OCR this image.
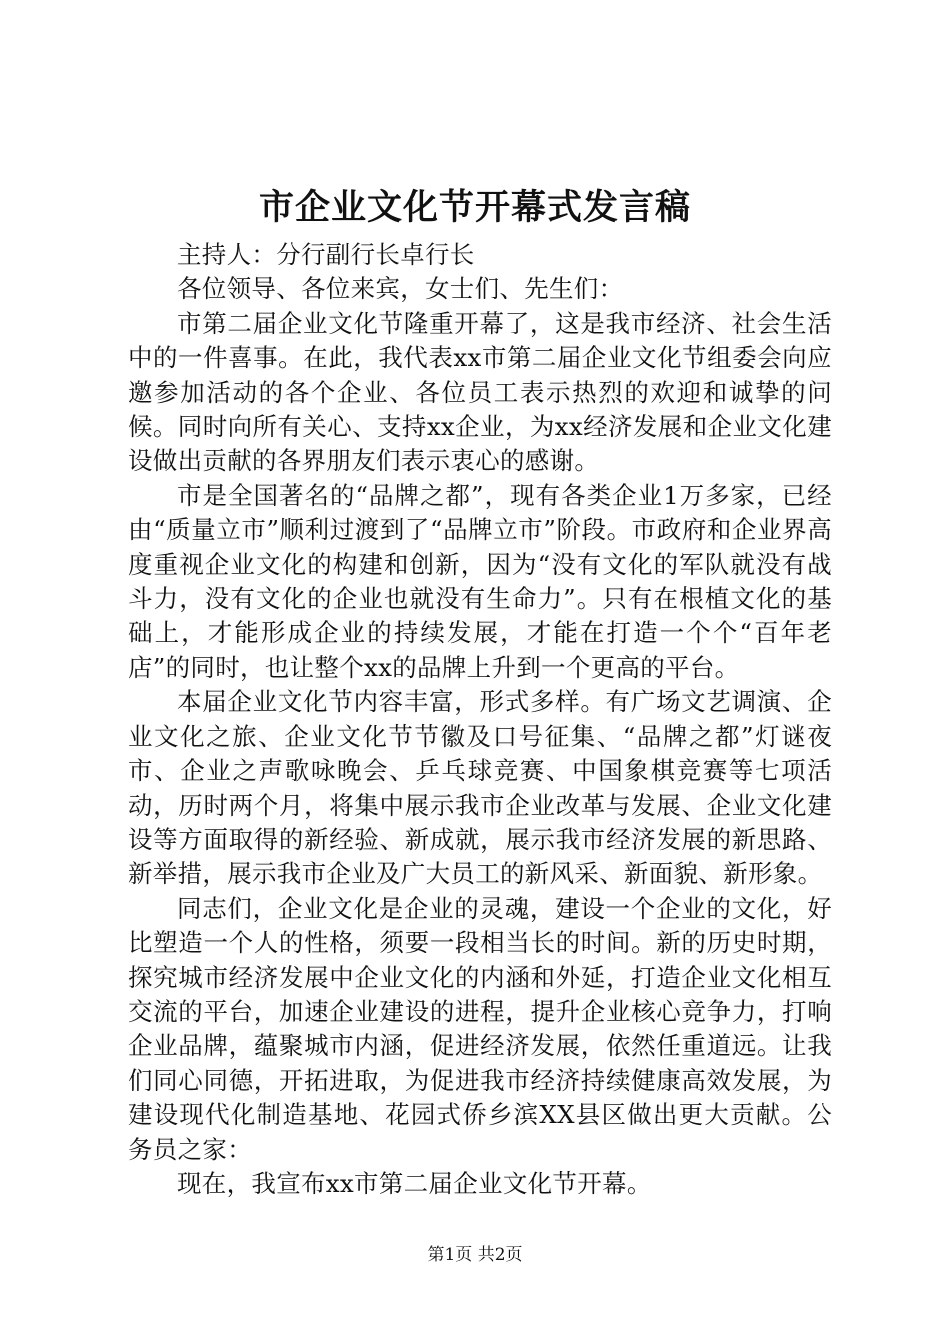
市企业文化节开幕式发言稿

主持人：分行副行长卓行长

各位领导、各位来宾，女士们、先生们：

市第二届企业文化节隆重开幕了，这是我市经济、社会生活中的一件喜事。在此，我代表xx市第二届企业文化节组委会向应邀参加活动的各个企业、各位员工表示热烈的欢迎和诚挚的问候。同时向所有关心、支持xx企业，为xx经济发展和企业文化建设做出贡献的各界朋友们表示衷心的感谢。

市是全国著名的“品牌之都”，现有各类企业1万多家，已经由“质量立市”顺利过渡到了“品牌立市”阶段。市政府和企业界高度重视企业文化的构建和创新，因为“没有文化的军队就没有战斗力，没有文化的企业也就没有生命力”。只有在根植文化的基础上，才能形成企业的持续发展，才能在打造一个个“百年老店”的同时，也让整个xx的品牌上升到一个更高的平台。

本届企业文化节内容丰富，形式多样。有广场文艺调演、企业文化之旅、企业文化节节徽及口号征集、“品牌之都”灯谜夜市、企业之声歌咏晚会、乒乓球竞赛、中国象棋竞赛等七项活动，历时两个月，将集中展示我市企业改革与发展、企业文化建设等方面取得的新经验、新成就，展示我市经济发展的新思路、新举措，展示我市企业及广大员工的新风采、新面貌、新形象。

同志们，企业文化是企业的灵魂，建设一个企业的文化，好比塑造一个人的性格，须要一段相当长的时间。新的历史时期，探究城市经济发展中企业文化的内涵和外延，打造企业文化相互交流的平台，加速企业建设的进程，提升企业核心竞争力，打响企业品牌，蕴聚城市内涵，促进经济发展，依然任重道远。让我们同心同德，开拓进取，为促进我市经济持续健康高效发展，为建设现代化制造基地、花园式侨乡滨XX县区做出更大贡献。公务员之家：

现在，我宣布xx市第二届企业文化节开幕。

第1页 共2页
